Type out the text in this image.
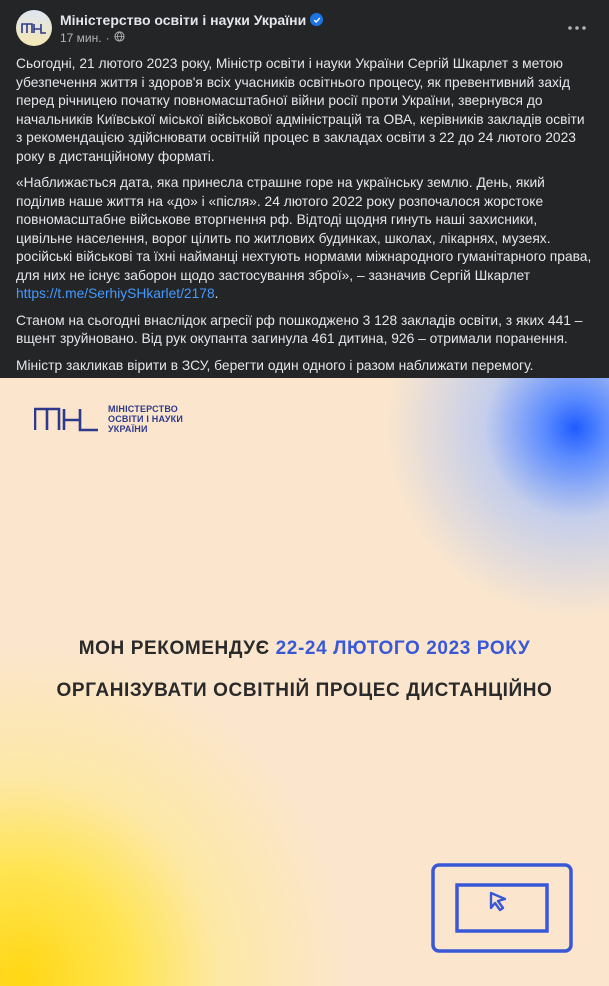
Міністерство освіти і науки України
17 мин. ·

Сьогодні, 21 лютого 2023 року, Міністр освіти і науки України Сергій Шкарлет з метою убезпечення життя і здоров'я всіх учасників освітнього процесу, як превентивний захід перед річницею початку повномасштабної війни росії проти України, звернувся до начальників Київської міської військової адміністрацій та ОВА, керівників закладів освіти з рекомендацією здійснювати освітній процес в закладах освіти з 22 до 24 лютого 2023 року в дистанційному форматі.

«Наближається дата, яка принесла страшне горе на українську землю. День, який поділив наше життя на «до» і «після». 24 лютого 2022 року розпочалося жорстоке повномасштабне військове вторгнення рф. Відтоді щодня гинуть наші захисники, цивільне населення, ворог цілить по житлових будинках, школах, лікарнях, музеях. російські військові та їхні найманці нехтують нормами міжнародного гуманітарного права, для них не існує заборон щодо застосування зброї», – зазначив Сергій Шкарлет https://t.me/SerhiySHkarlet/2178.

Станом на сьогодні внаслідок агресії рф пошкоджено 3 128 закладів освіти, з яких 441 – вщент зруйновано. Від рук окупанта загинула 461 дитина, 926 – отримали поранення.

Міністр закликав вірити в ЗСУ, берегти один одного і разом наближати перемогу.

МІНІСТЕРСТВО
ОСВІТИ І НАУКИ
УКРАЇНИ
МОН РЕКОМЕНДУЄ 22-24 ЛЮТОГО 2023 РОКУ
ОРГАНІЗУВАТИ ОСВІТНІЙ ПРОЦЕС ДИСТАНЦІЙНО
